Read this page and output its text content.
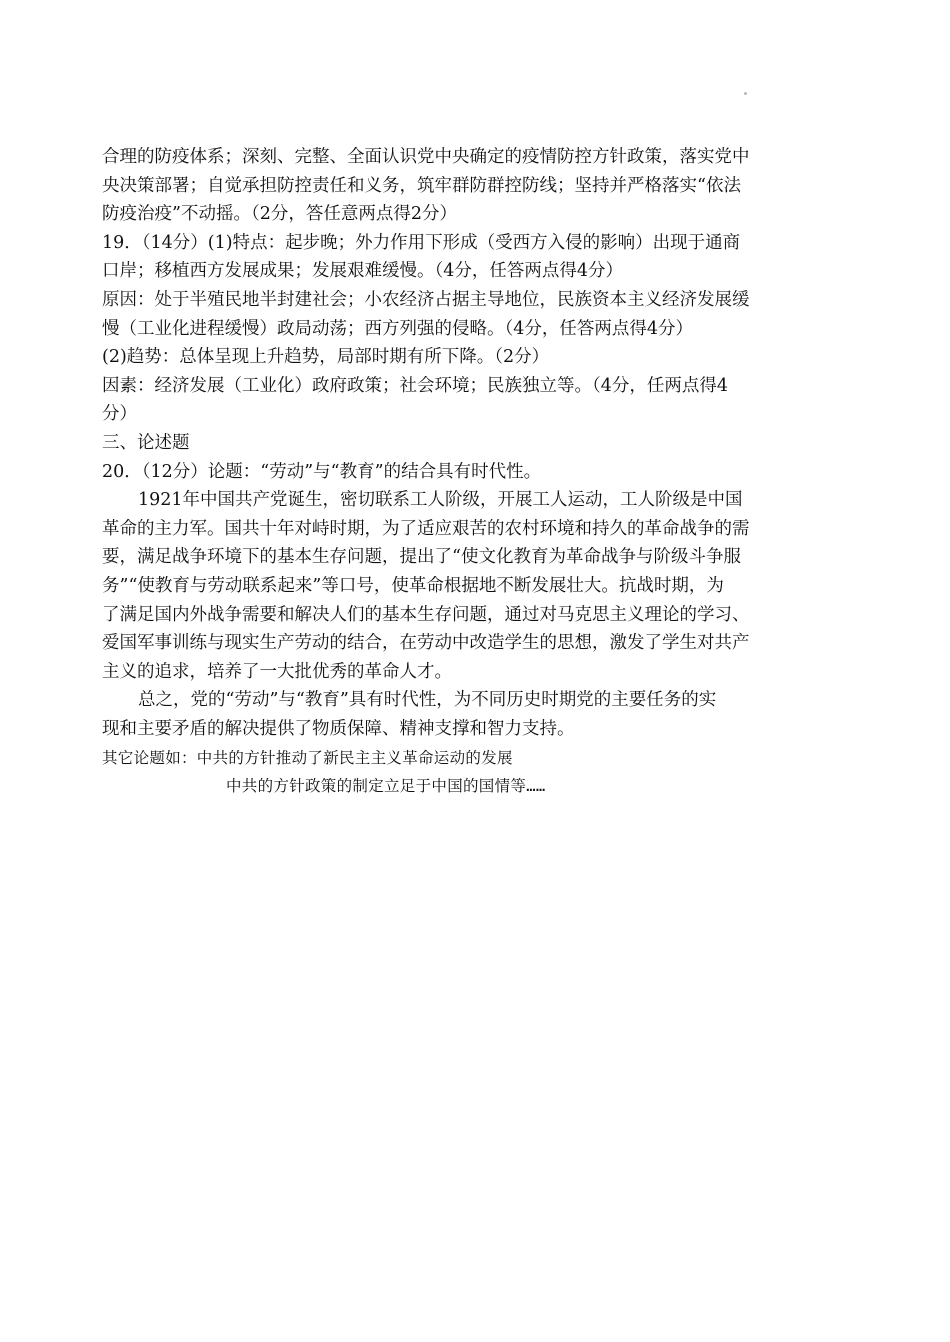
合理的防疫体系；深刻、完整、全面认识党中央确定的疫情防控方针政策，落实党中
央决策部署；自觉承担防控责任和义务，筑牢群防群控防线；坚持并严格落实“依法
防疫治疫”不动摇。（2分，答任意两点得2分）
19．（14分）(1)特点：起步晚；外力作用下形成（受西方入侵的影响）出现于通商
口岸；移植西方发展成果；发展艰难缓慢。（4分，任答两点得4分）
原因：处于半殖民地半封建社会；小农经济占据主导地位，民族资本主义经济发展缓
慢（工业化进程缓慢）政局动荡；西方列强的侵略。（4分，任答两点得4分）
(2)趋势：总体呈现上升趋势，局部时期有所下降。（2分）
因素：经济发展（工业化）政府政策；社会环境；民族独立等。（4分，任两点得4
分）
三、论述题
20．（12分）论题：“劳动”与“教育”的结合具有时代性。
1921年中国共产党诞生，密切联系工人阶级，开展工人运动，工人阶级是中国
革命的主力军。国共十年对峙时期，为了适应艰苦的农村环境和持久的革命战争的需
要，满足战争环境下的基本生存问题，提出了“使文化教育为革命战争与阶级斗争服
务”“使教育与劳动联系起来”等口号，使革命根据地不断发展壮大。抗战时期，为
了满足国内外战争需要和解决人们的基本生存问题，通过对马克思主义理论的学习、
爱国军事训练与现实生产劳动的结合，在劳动中改造学生的思想，激发了学生对共产
主义的追求，培养了一大批优秀的革命人才。
总之，党的“劳动”与“教育”具有时代性，为不同历史时期党的主要任务的实
现和主要矛盾的解决提供了物质保障、精神支撑和智力支持。
其它论题如：中共的方针推动了新民主主义革命运动的发展
中共的方针政策的制定立足于中国的国情等……
